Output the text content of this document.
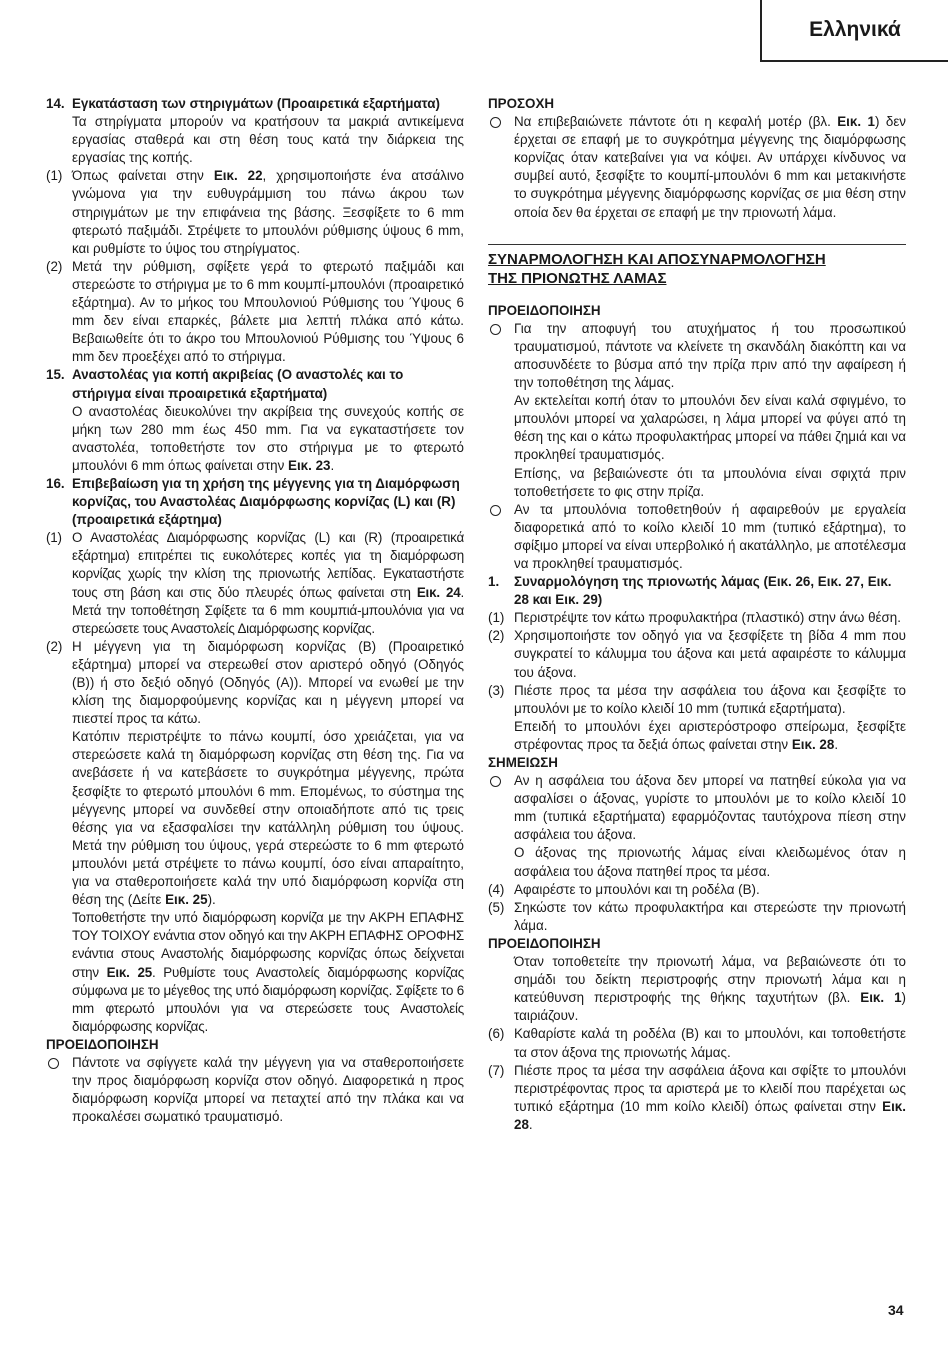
Ελληνικά
14. Εγκατάσταση των στηριγμάτων (Προαιρετικά εξαρτήματα)

Τα στηρίγματα μπορούν να κρατήσουν τα μακριά αντικείμενα εργασίας σταθερά και στη θέση τους κατά την διάρκεια της εργασίας της κοπής.

(1) Όπως φαίνεται στην Εικ. 22, χρησιμοποιήστε ένα ατσάλινο γνώμονα για την ευθυγράμμιση του πάνω άκρου των στηριγμάτων με την επιφάνεια της βάσης. Ξεσφίξετε το 6 mm φτερωτό παξιμάδι. Στρέψετε το μπουλόνι ρύθμισης ύψους 6 mm, και ρυθμίστε το ύψος του στηρίγματος.
(2) Μετά την ρύθμιση, σφίξετε γερά το φτερωτό παξιμάδι και στερεώστε το στήριγμα με το 6 mm κουμπί-μπουλόνι (προαιρετικό εξάρτημα). Αν το μήκος του Μπουλονιού Ρύθμισης του Ύψους 6 mm δεν είναι επαρκές, βάλετε μια λεπτή πλάκα από κάτω. Βεβαιωθείτε ότι το άκρο του Μπουλονιού Ρύθμισης του Ύψους 6 mm δεν προεξέχει από το στήριγμα.
15. Αναστολέας για κοπή ακριβείας (Ο αναστολές και το στήριγμα είναι προαιρετικά εξαρτήματα)

Ο αναστολέας διευκολύνει την ακρίβεια της συνεχούς κοπής σε μήκη των 280 mm έως 450 mm. Για να εγκαταστήσετε τον αναστολέα, τοποθετήστε τον στο στήριγμα με το φτερωτό μπουλόνι 6 mm όπως φαίνεται στην Εικ. 23.

16. Επιβεβαίωση για τη χρήση της μέγγενης για τη Διαμόρφωση κορνίζας, του Αναστολέας Διαμόρφωσης κορνίζας (L) και (R) (προαιρετικά εξάρτημα)
(1) Ο Αναστολέας Διαμόρφωσης κορνίζας (L) και (R) (προαιρετικά εξάρτημα) επιτρέπει τις ευκολότερες κοπές για τη διαμόρφωση κορνίζας χωρίς την κλίση της πριονωτής λεπίδας. Εγκαταστήστε τους στη βάση και στις δύο πλευρές όπως φαίνεται στη Εικ. 24. Μετά την τοποθέτηση Σφίξετε τα 6 mm κουμπιά-μπουλόνια για να στερεώσετε τους Αναστολείς Διαμόρφωσης κορνίζας.
(2) Η μέγγενη για τη διαμόρφωση κορνίζας (B) (Προαιρετικό εξάρτημα) μπορεί να στερεωθεί στον αριστερό οδηγό (Οδηγός (B)) ή στο δεξιό οδηγό (Οδηγός (A)). Μπορεί να ενωθεί με την κλίση της διαμορφούμενης κορνίζας και η μέγγενη μπορεί να πιεστεί προς τα κάτω.

Κατόπιν περιστρέψτε το πάνω κουμπί, όσο χρειάζεται, για να στερεώσετε καλά τη διαμόρφωση κορνίζας στη θέση της. Για να ανεβάσετε ή να κατεβάσετε το συγκρότημα μέγγενης, πρώτα ξεσφίξτε το φτερωτό μπουλόνι 6 mm. Επομένως, το σύστημα της μέγγενης μπορεί να συνδεθεί στην οποιαδήποτε από τις τρεις θέσης για να εξασφαλίσει την κατάλληλη ρύθμιση του ύψους. Μετά την ρύθμιση του ύψους, γερά στερεώστε το 6 mm φτερωτό μπουλόνι μετά στρέψετε το πάνω κουμπί, όσο είναι απαραίτητο, για να σταθεροποιήσετε καλά την υπό διαμόρφωση κορνίζα στη θέση της (Δείτε Εικ. 25).

Τοποθετήστε την υπό διαμόρφωση κορνίζα με την ΑΚΡΗ ΕΠΑΦΗΣ ΤΟΥ ΤΟΙΧΟΥ ενάντια στον οδηγό και την ΑΚΡΗ ΕΠΑΦΗΣ ΟΡΟΦΗΣ ενάντια στους Αναστολής διαμόρφωσης κορνίζας όπως δείχνεται στην Εικ. 25. Ρυθμίστε τους Αναστολείς διαμόρφωσης κορνίζας σύμφωνα με το μέγεθος της υπό διαμόρφωση κορνίζας. Σφίξετε το 6 mm φτερωτό μπουλόνι για να στερεώσετε τους Αναστολείς διαμόρφωσης κορνίζας.

ΠΡΟΕΙΔΟΠΟΙΗΣΗ

Πάντοτε να σφίγγετε καλά την μέγγενη για να σταθεροποιήσετε την προς διαμόρφωση κορνίζα στον οδηγό. Διαφορετικά η προς διαμόρφωση κορνίζα μπορεί να πεταχτεί από την πλάκα και να προκαλέσει σωματικό τραυματισμό.

ΠΡΟΣΟΧΗ

Να επιβεβαιώνετε πάντοτε ότι η κεφαλή μοτέρ (βλ. Εικ. 1) δεν έρχεται σε επαφή με το συγκρότημα μέγγενης της διαμόρφωσης κορνίζας όταν κατεβαίνει για να κόψει. Αν υπάρχει κίνδυνος να συμβεί αυτό, ξεσφίξτε το κουμπί-μπουλόνι 6 mm και μετακινήστε το συγκρότημα μέγγενης διαμόρφωσης κορνίζας σε μια θέση στην οποία δεν θα έρχεται σε επαφή με την πριονωτή λάμα.

ΣΥΝΑΡΜΟΛΟΓΗΣΗ ΚΑΙ ΑΠΟΣΥΝΑΡΜΟΛΟΓΗΣΗ
ΤΗΣ ΠΡΙΟΝΩΤΗΣ ΛΑΜΑΣ

ΠΡΟΕΙΔΟΠΟΙΗΣΗ

Για την αποφυγή του ατυχήματος ή του προσωπικού τραυματισμού, πάντοτε να κλείνετε τη σκανδάλη διακόπτη και να αποσυνδέετε το βύσμα από την πρίζα πριν από την αφαίρεση ή την τοποθέτηση της λάμας.

Αν εκτελείται κοπή όταν το μπουλόνι δεν είναι καλά σφιγμένο, το μπουλόνι μπορεί να χαλαρώσει, η λάμα μπορεί να φύγει από τη θέση της και ο κάτω προφυλακτήρας μπορεί να πάθει ζημιά και να προκληθεί τραυματισμός.

Επίσης, να βεβαιώνεστε ότι τα μπουλόνια είναι σφιχτά πριν τοποθετήσετε το φις στην πρίζα.

Αν τα μπουλόνια τοποθετηθούν ή αφαιρεθούν με εργαλεία διαφορετικά από το κοίλο κλειδί 10 mm (τυπικό εξάρτημα), το σφίξιμο μπορεί να είναι υπερβολικό ή ακατάλληλο, με αποτέλεσμα να προκληθεί τραυματισμός.
1. Συναρμολόγηση της πριονωτής λάμας (Εικ. 26, Εικ. 27, Εικ. 28 και Εικ. 29)
(1) Περιστρέψτε τον κάτω προφυλακτήρα (πλαστικό) στην άνω θέση.
(2) Χρησιμοποιήστε τον οδηγό για να ξεσφίξετε τη βίδα 4 mm που συγκρατεί το κάλυμμα του άξονα και μετά αφαιρέστε το κάλυμμα του άξονα.
(3) Πιέστε προς τα μέσα την ασφάλεια του άξονα και ξεσφίξτε το μπουλόνι με το κοίλο κλειδί 10 mm (τυπικά εξαρτήματα).

Επειδή το μπουλόνι έχει αριστερόστροφο σπείρωμα, ξεσφίξτε στρέφοντας προς τα δεξιά όπως φαίνεται στην Εικ. 28.

ΣΗΜΕΙΩΣΗ

Αν η ασφάλεια του άξονα δεν μπορεί να πατηθεί εύκολα για να ασφαλίσει ο άξονας, γυρίστε το μπουλόνι με το κοίλο κλειδί 10 mm (τυπικά εξαρτήματα) εφαρμόζοντας ταυτόχρονα πίεση στην ασφάλεια του άξονα.

Ο άξονας της πριονωτής λάμας είναι κλειδωμένος όταν η ασφάλεια του άξονα πατηθεί προς τα μέσα.

(4) Αφαιρέστε το μπουλόνι και τη ροδέλα (B).
(5) Σηκώστε τον κάτω προφυλακτήρα και στερεώστε την πριονωτή λάμα.

ΠΡΟΕΙΔΟΠΟΙΗΣΗ

Όταν τοποθετείτε την πριονωτή λάμα, να βεβαιώνεστε ότι το σημάδι του δείκτη περιστροφής στην πριονωτή λάμα και η κατεύθυνση περιστροφής της θήκης ταχυτήτων (βλ. Εικ. 1) ταιριάζουν.

(6) Καθαρίστε καλά τη ροδέλα (B) και το μπουλόνι, και τοποθετήστε τα στον άξονα της πριονωτής λάμας.
(7) Πιέστε προς τα μέσα την ασφάλεια άξονα και σφίξτε το μπουλόνι περιστρέφοντας προς τα αριστερά με το κλειδί που παρέχεται ως τυπικό εξάρτημα (10 mm κοίλο κλειδί) όπως φαίνεται στην Εικ. 28.
34
